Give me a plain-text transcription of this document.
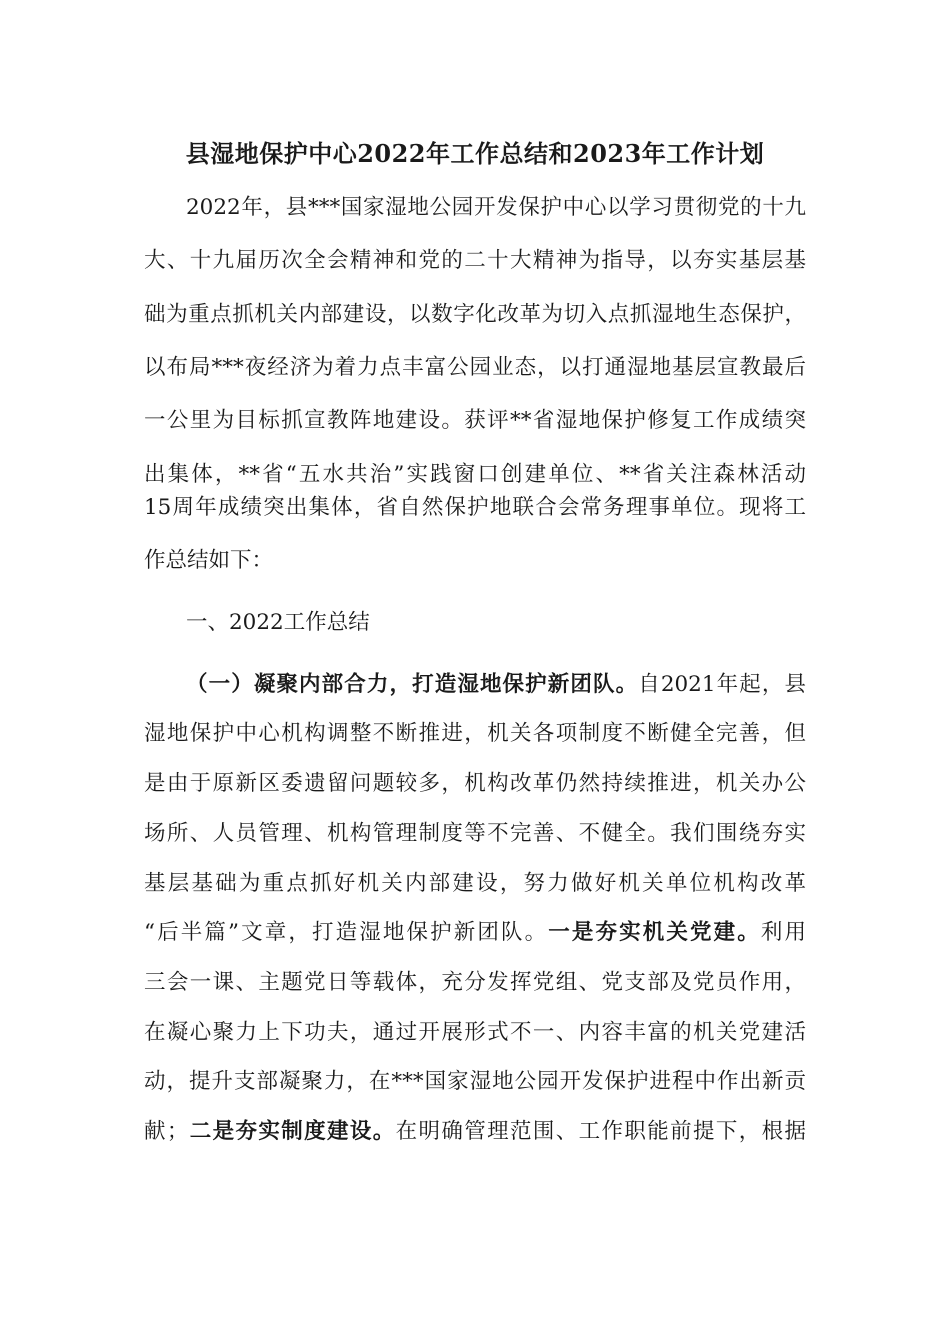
县湿地保护中心2022年工作总结和2023年工作计划
2022年，县***国家湿地公园开发保护中心以学习贯彻党的十九
大、十九届历次全会精神和党的二十大精神为指导，以夯实基层基
础为重点抓机关内部建设，以数字化改革为切入点抓湿地生态保护，
以布局***夜经济为着力点丰富公园业态，以打通湿地基层宣教最后
一公里为目标抓宣教阵地建设。获评**省湿地保护修复工作成绩突
出集体，**省“五水共治”实践窗口创建单位、**省关注森林活动
15周年成绩突出集体，省自然保护地联合会常务理事单位。现将工
作总结如下：
一、2022工作总结
（一）凝聚内部合力，打造湿地保护新团队。自2021年起，县
湿地保护中心机构调整不断推进，机关各项制度不断健全完善，但
是由于原新区委遗留问题较多，机构改革仍然持续推进，机关办公
场所、人员管理、机构管理制度等不完善、不健全。我们围绕夯实
基层基础为重点抓好机关内部建设，努力做好机关单位机构改革
“后半篇”文章，打造湿地保护新团队。一是夯实机关党建。利用
三会一课、主题党日等载体，充分发挥党组、党支部及党员作用，
在凝心聚力上下功夫，通过开展形式不一、内容丰富的机关党建活
动，提升支部凝聚力，在***国家湿地公园开发保护进程中作出新贡
献；二是夯实制度建设。在明确管理范围、工作职能前提下，根据
